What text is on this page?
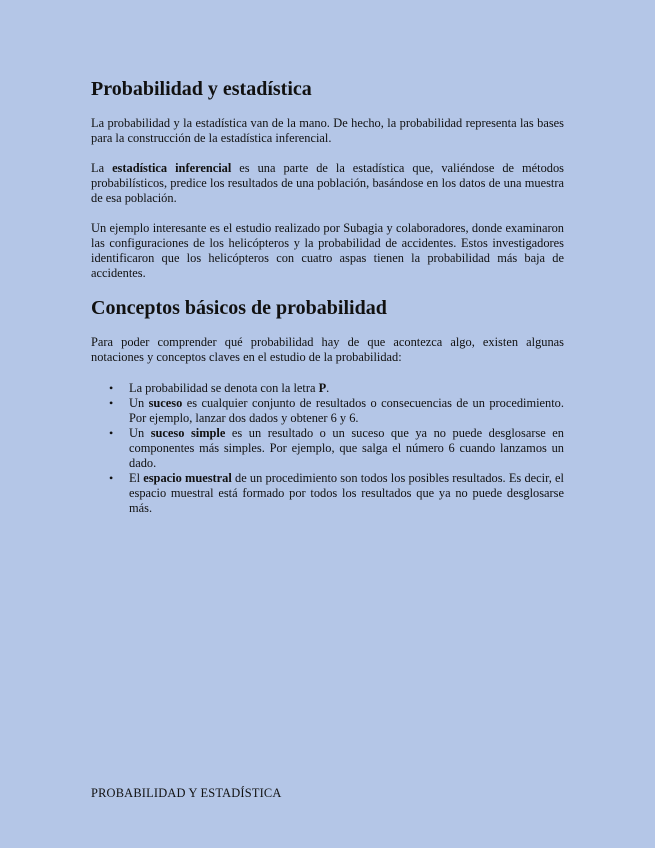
Probabilidad y estadística

La probabilidad y la estadística van de la mano. De hecho, la probabilidad representa las bases para la construcción de la estadística inferencial.

La estadística inferencial es una parte de la estadística que, valiéndose de métodos probabilísticos, predice los resultados de una población, basándose en los datos de una muestra de esa población.

Un ejemplo interesante es el estudio realizado por Subagia y colaboradores, donde examinaron las configuraciones de los helicópteros y la probabilidad de accidentes. Estos investigadores identificaron que los helicópteros con cuatro aspas tienen la probabilidad más baja de accidentes.

Conceptos básicos de probabilidad

Para poder comprender qué probabilidad hay de que acontezca algo, existen algunas notaciones y conceptos claves en el estudio de la probabilidad:

• La probabilidad se denota con la letra P.
• Un suceso es cualquier conjunto de resultados o consecuencias de un procedimiento. Por ejemplo, lanzar dos dados y obtener 6 y 6.
• Un suceso simple es un resultado o un suceso que ya no puede desglosarse en componentes más simples. Por ejemplo, que salga el número 6 cuando lanzamos un dado.
• El espacio muestral de un procedimiento son todos los posibles resultados. Es decir, el espacio muestral está formado por todos los resultados que ya no puede desglosarse más.
PROBABILIDAD Y ESTADÍSTICA
